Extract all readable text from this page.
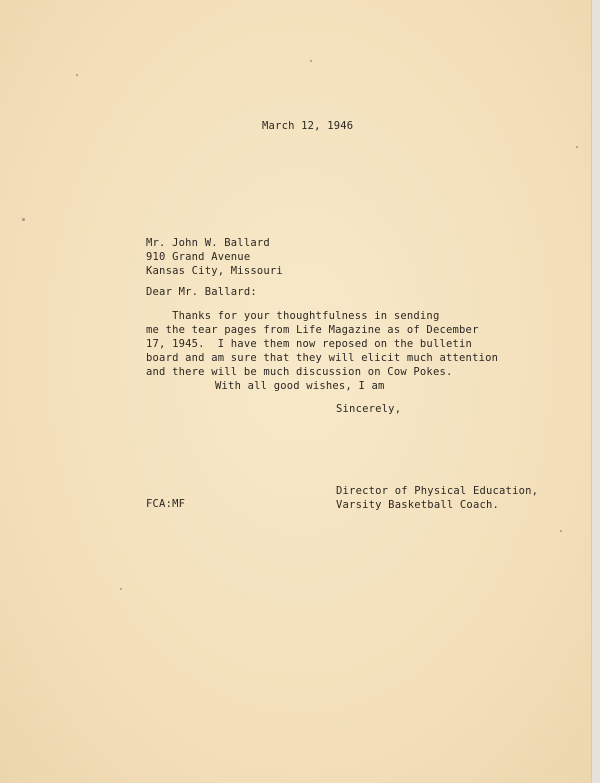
March 12, 1946
Mr. John W. Ballard
910 Grand Avenue
Kansas City, Missouri
Dear Mr. Ballard:
Thanks for your thoughtfulness in sending
me the tear pages from Life Magazine as of December
17, 1945.  I have them now reposed on the bulletin
board and am sure that they will elicit much attention
and there will be much discussion on Cow Pokes.
With all good wishes, I am
Sincerely,
Director of Physical Education,
Varsity Basketball Coach.
FCA:MF
